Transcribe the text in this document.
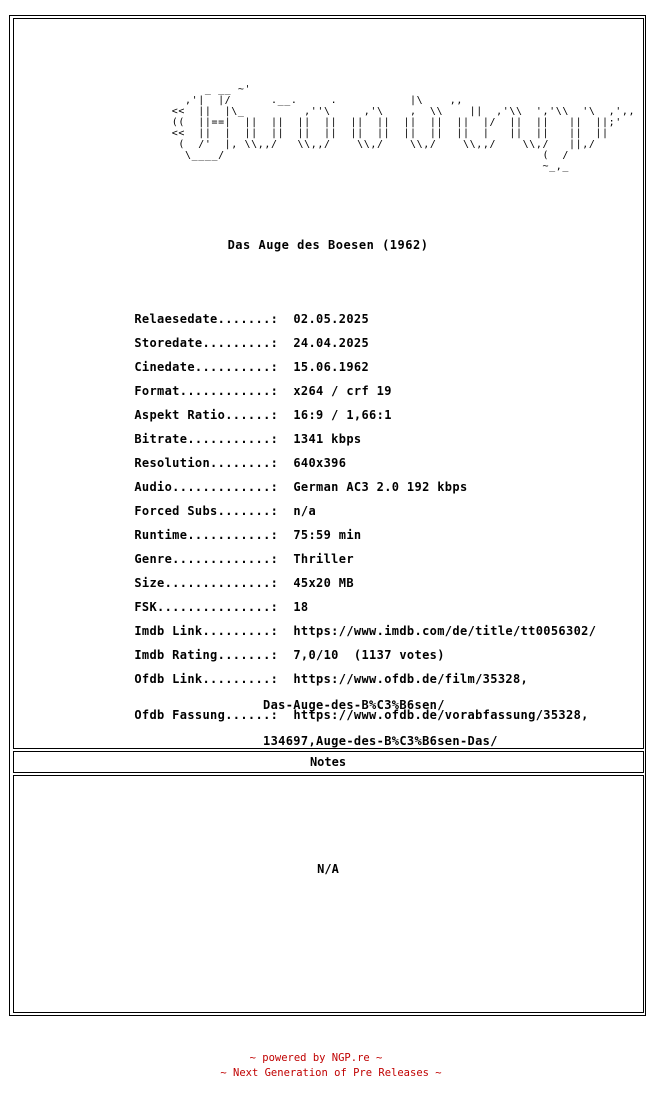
_ __ ~'
,'|  |/      .__.     .           |\    ,,
<<  ||  |\_         ,''\     ,'\    ,  \\    ||  ,'\\  ','\\  '\  ,',,
((  ||==|  ||  ||  ||  ||  ||  ||  ||  ||  ||  |/  ||  ||   ||  ||;'
<<  ||  |  ||  ||  ||  ||  ||  ||  ||  ||  ||  |   ||  ||   ||  ||
(  /'  |, \\,,/   \\,,/    \\,/    \\,/    \\,,/    \\,/   ||,/
\____/                                                (  /
~_,_
Das Auge des Boesen (1962)

Relaesedate.......: 02.05.2025

Storedate.........: 24.04.2025

Cinedate..........: 15.06.1962

Format............: x264 / crf 19

Aspekt Ratio......: 16:9 / 1,66:1

Bitrate...........: 1341 kbps

Resolution........: 640x396

Audio.............: German AC3 2.0 192 kbps

Forced Subs.......: n/a

Runtime...........: 75:59 min

Genre.............: Thriller

Size..............: 45x20 MB

FSK...............: 18

Imdb Link.........: https://www.imdb.com/de/title/tt0056302/

Imdb Rating.......: 7,0/10  (1137 votes)

Ofdb Link.........: https://www.ofdb.de/film/35328,

Das-Auge-des-B%C3%B6sen/

Ofdb Fassung......: https://www.ofdb.de/vorabfassung/35328,

134697,Auge-des-B%C3%B6sen-Das/

Notes
N/A
~ powered by NGP.re ~
~ Next Generation of Pre Releases ~
